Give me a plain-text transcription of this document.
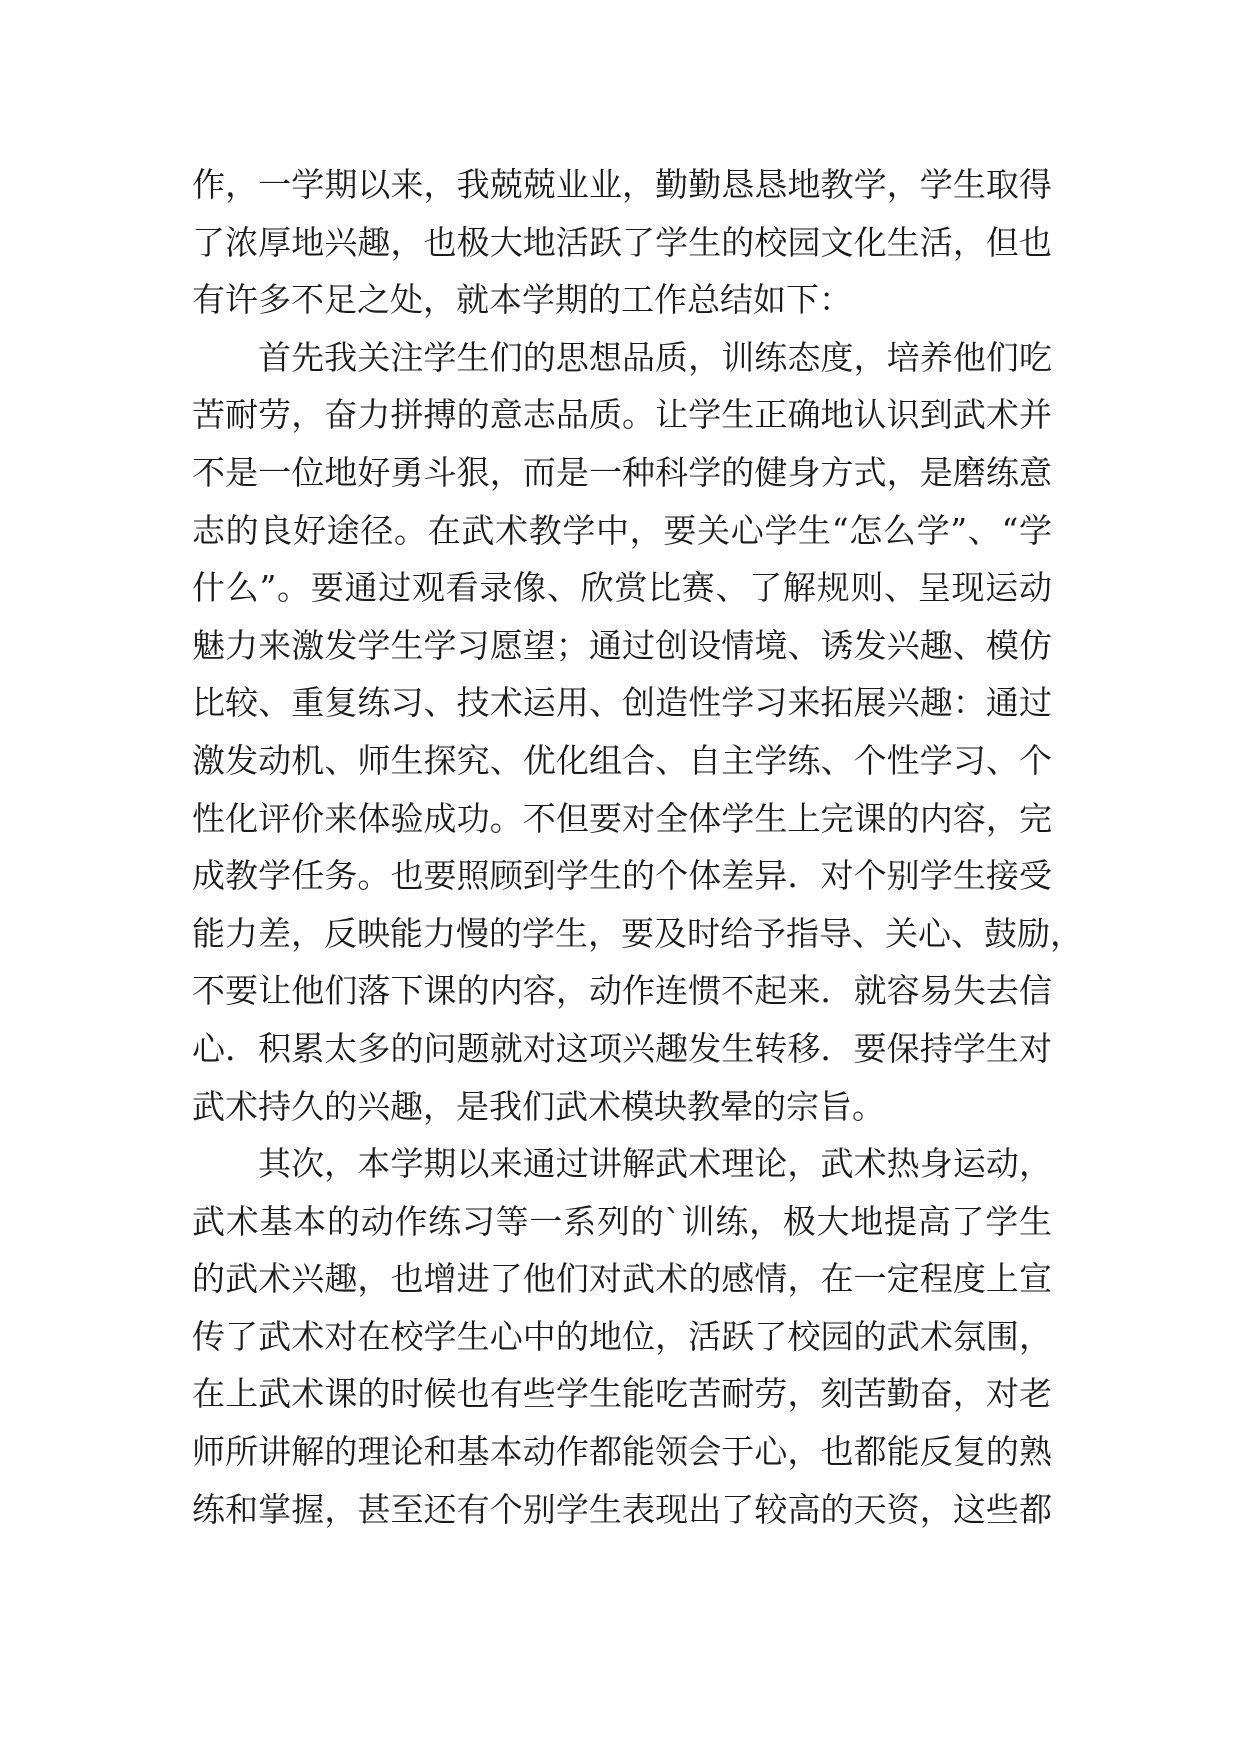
作，一学期以来，我兢兢业业，勤勤恳恳地教学，学生取得
了浓厚地兴趣，也极大地活跃了学生的校园文化生活，但也
有许多不足之处，就本学期的工作总结如下：
首先我关注学生们的思想品质，训练态度，培养他们吃
苦耐劳，奋力拼搏的意志品质。让学生正确地认识到武术并
不是一位地好勇斗狠，而是一种科学的健身方式，是磨练意
志的良好途径。在武术教学中，要关心学生“怎么学”、“学
什么”。要通过观看录像、欣赏比赛、了解规则、呈现运动
魅力来激发学生学习愿望；通过创设情境、诱发兴趣、模仿
比较、重复练习、技术运用、创造性学习来拓展兴趣：通过
激发动机、师生探究、优化组合、自主学练、个性学习、个
性化评价来体验成功。不但要对全体学生上完课的内容，完
成教学任务。也要照顾到学生的个体差异．对个别学生接受
能力差，反映能力慢的学生，要及时给予指导、关心、鼓励，
不要让他们落下课的内容，动作连惯不起来．就容易失去信
心．积累太多的问题就对这项兴趣发生转移．要保持学生对
武术持久的兴趣，是我们武术模块教晕的宗旨。
其次，本学期以来通过讲解武术理论，武术热身运动，
武术基本的动作练习等一系列的`训练，极大地提高了学生
的武术兴趣，也增进了他们对武术的感情，在一定程度上宣
传了武术对在校学生心中的地位，活跃了校园的武术氛围，
在上武术课的时候也有些学生能吃苦耐劳，刻苦勤奋，对老
师所讲解的理论和基本动作都能领会于心，也都能反复的熟
练和掌握，甚至还有个别学生表现出了较高的天资，这些都
